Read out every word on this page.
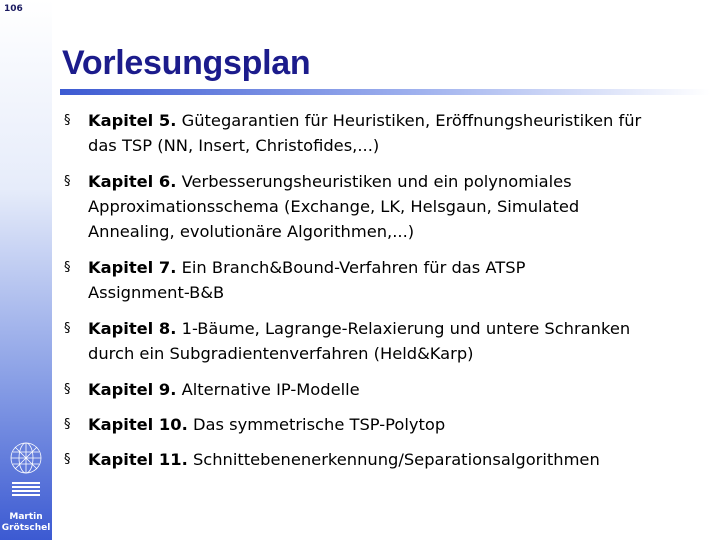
106
Martin
Grötschel
Vorlesungsplan
§ Kapitel 5. Gütegarantien für Heuristiken, Eröffnungsheuristiken für
das TSP (NN, Insert, Christofides,...)
§ Kapitel 6. Verbesserungsheuristiken und ein polynomiales
Approximationsschema (Exchange, LK, Helsgaun, Simulated
Annealing, evolutionäre Algorithmen,...)
§ Kapitel 7. Ein Branch&Bound-Verfahren für das ATSP
Assignment-B&B
§ Kapitel 8. 1-Bäume, Lagrange-Relaxierung und untere Schranken
durch ein Subgradientenverfahren (Held&Karp)
§ Kapitel 9. Alternative IP-Modelle
§ Kapitel 10. Das symmetrische TSP-Polytop
§ Kapitel 11. Schnittebenenerkennung/Separationsalgorithmen
